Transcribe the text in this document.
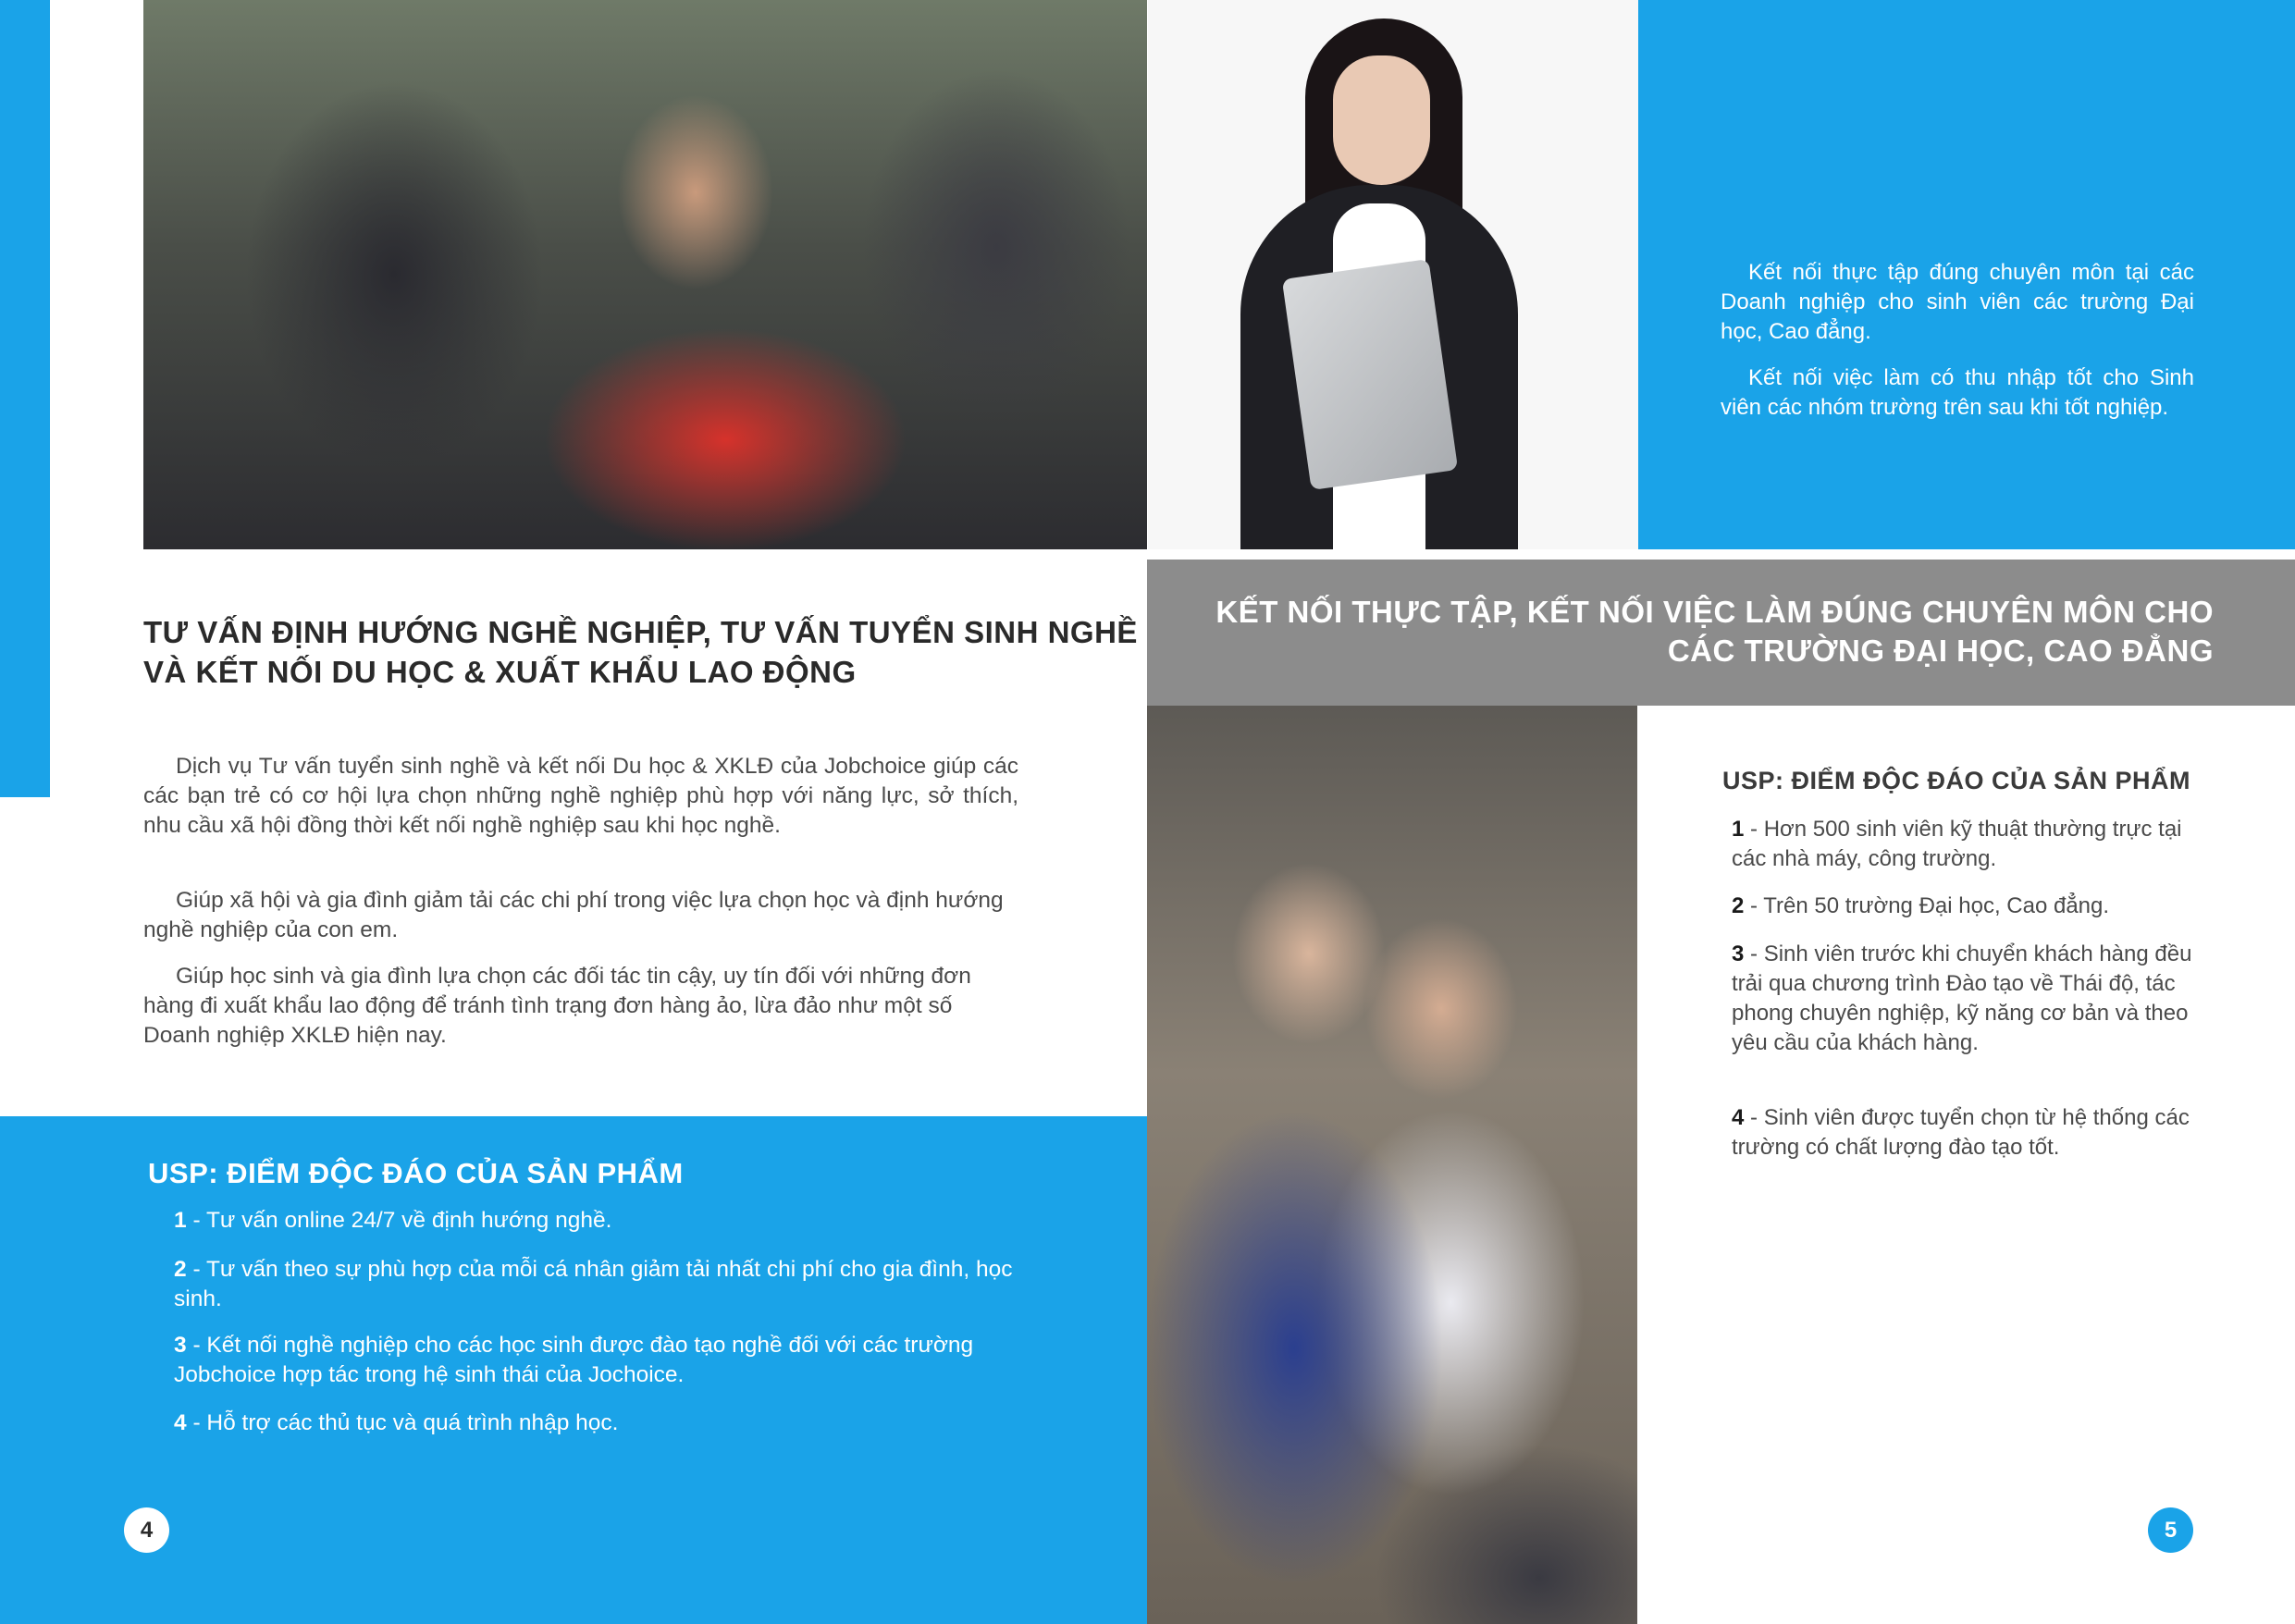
Kết nối thực tập đúng chuyên môn tại các Doanh nghiệp cho sinh viên các trường Đại học, Cao đẳng.

Kết nối việc làm có thu nhập tốt cho Sinh viên các nhóm trường trên sau khi tốt nghiệp.

KẾT NỐI THỰC TẬP, KẾT NỐI VIỆC LÀM ĐÚNG CHUYÊN MÔN CHO
CÁC TRƯỜNG ĐẠI HỌC, CAO ĐẲNG
TƯ VẤN ĐỊNH HƯỚNG NGHỀ NGHIỆP, TƯ VẤN TUYỂN SINH NGHỀ
VÀ KẾT NỐI DU HỌC & XUẤT KHẨU LAO ĐỘNG

Dịch vụ Tư vấn tuyển sinh nghề và kết nối Du học & XKLĐ của Jobchoice giúp các các bạn trẻ có cơ hội lựa chọn những nghề nghiệp phù hợp với năng lực, sở thích, nhu cầu xã hội đồng thời kết nối nghề nghiệp sau khi học nghề.

Giúp xã hội và gia đình giảm tải các chi phí trong việc lựa chọn học và định hướng nghề nghiệp của con em.

Giúp học sinh và gia đình lựa chọn các đối tác tin cậy, uy tín đối với những đơn hàng đi xuất khẩu lao động để tránh tình trạng đơn hàng ảo, lừa đảo như một số Doanh nghiệp XKLĐ hiện nay.

USP: ĐIỂM ĐỘC ĐÁO CỦA SẢN PHẨM

1 - Tư vấn online 24/7 về định hướng nghề.

2 - Tư vấn theo sự phù hợp của mỗi cá nhân giảm tải nhất chi phí cho gia đình, học sinh.

3 - Kết nối nghề nghiệp cho các học sinh được đào tạo nghề đối với các trường Jobchoice hợp tác trong hệ sinh thái của Jochoice.

4 - Hỗ trợ các thủ tục và quá trình nhập học.

USP: ĐIỂM ĐỘC ĐÁO CỦA SẢN PHẨM

1 - Hơn 500 sinh viên kỹ thuật thường trực tại các nhà máy, công trường.

2 - Trên 50 trường Đại học, Cao đẳng.

3 - Sinh viên trước khi chuyển khách hàng đều trải qua chương trình Đào tạo về Thái độ, tác phong chuyên nghiệp, kỹ năng cơ bản và theo yêu cầu của khách hàng.

4 - Sinh viên được tuyển chọn từ hệ thống các trường có chất lượng đào tạo tốt.

4	5
